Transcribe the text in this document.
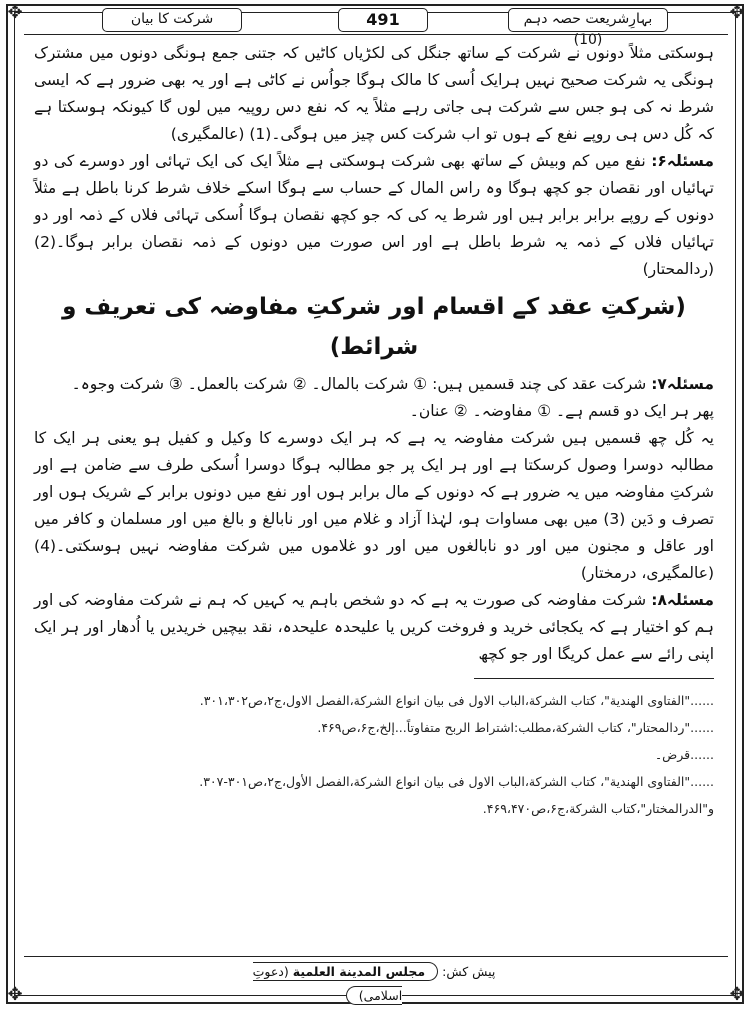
✥	✥
✥	✥
شرکت کا بیان	491	بہارِشریعت حصہ دہم (10)

ہوسکتی مثلاً دونوں نے شرکت کے ساتھ جنگل کی لکڑیاں کاٹیں کہ جتنی جمع ہونگی دونوں میں مشترک ہونگی یہ شرکت صحیح نہیں ہرایک اُسی کا مالک ہوگا جواُس نے کاٹی ہے اور یہ بھی ضرور ہے کہ ایسی شرط نہ کی ہو جس سے شرکت ہی جاتی رہے مثلاً یہ کہ نفع دس روپیہ میں لوں گا کیونکہ ہوسکتا ہے کہ کُل دس ہی روپے نفع کے ہوں تو اب شرکت کس چیز میں ہوگی۔(1) (عالمگیری)

مسئلہ۶: نفع میں کم وبیش کے ساتھ بھی شرکت ہوسکتی ہے مثلاً ایک کی ایک تہائی اور دوسرے کی دو تہائیاں اور نقصان جو کچھ ہوگا وہ راس المال کے حساب سے ہوگا اسکے خلاف شرط کرنا باطل ہے مثلاً دونوں کے روپے برابر برابر ہیں اور شرط یہ کی کہ جو کچھ نقصان ہوگا اُسکی تہائی فلاں کے ذمہ اور دو تہائیاں فلاں کے ذمہ یہ شرط باطل ہے اور اس صورت میں دونوں کے ذمہ نقصان برابر ہوگا۔(2) (ردالمحتار)

(شرکتِ عقد کے اقسام اور شرکتِ مفاوضہ کی تعریف و شرائط)

مسئلہ۷: شرکت عقد کی چند قسمیں ہیں: ① شرکت بالمال۔ ② شرکت بالعمل۔ ③ شرکت وجوہ۔

پھر ہر ایک دو قسم ہے۔ ① مفاوضہ۔ ② عنان۔

یہ کُل چھ قسمیں ہیں شرکت مفاوضہ یہ ہے کہ ہر ایک دوسرے کا وکیل و کفیل ہو یعنی ہر ایک کا مطالبہ دوسرا وصول کرسکتا ہے اور ہر ایک پر جو مطالبہ ہوگا دوسرا اُسکی طرف سے ضامن ہے اور شرکتِ مفاوضہ میں یہ ضرور ہے کہ دونوں کے مال برابر ہوں اور نفع میں دونوں برابر کے شریک ہوں اور تصرف و دَین (3) میں بھی مساوات ہو، لہٰذا آزاد و غلام میں اور نابالغ و بالغ میں اور مسلمان و کافر میں اور عاقل و مجنون میں اور دو نابالغوں میں اور دو غلاموں میں شرکت مفاوضہ نہیں ہوسکتی۔(4) (عالمگیری، درمختار)

مسئلہ۸: شرکت مفاوضہ کی صورت یہ ہے کہ دو شخص باہم یہ کہیں کہ ہم نے شرکت مفاوضہ کی اور ہم کو اختیار ہے کہ یکجائی خرید و فروخت کریں یا علیحدہ علیحدہ، نقد بیچیں خریدیں یا اُدھار اور ہر ایک اپنی رائے سے عمل کریگا اور جو کچھ

......"الفتاوی الھندیة"، کتاب الشرکة،الباب الاول فی بیان انواع الشرکة،الفصل الاول،ج۲،ص۳۰۱،۳۰۲.

......"ردالمحتار"، کتاب الشرکة،مطلب:اشتراط الربح متفاوتاً...إلخ،ج۶،ص۴۶۹.

......قرض۔

......"الفتاوی الھندیة"، کتاب الشرکة،الباب الاول فی بیان انواع الشرکة،الفصل الأول،ج۲،ص۳۰۱-۳۰۷.

و"الدرالمختار"،کتاب الشرکة،ج۶،ص۴۶۹،۴۷۰.

پیش کش: مجلس المدینة العلمیة (دعوتِ اسلامی)
